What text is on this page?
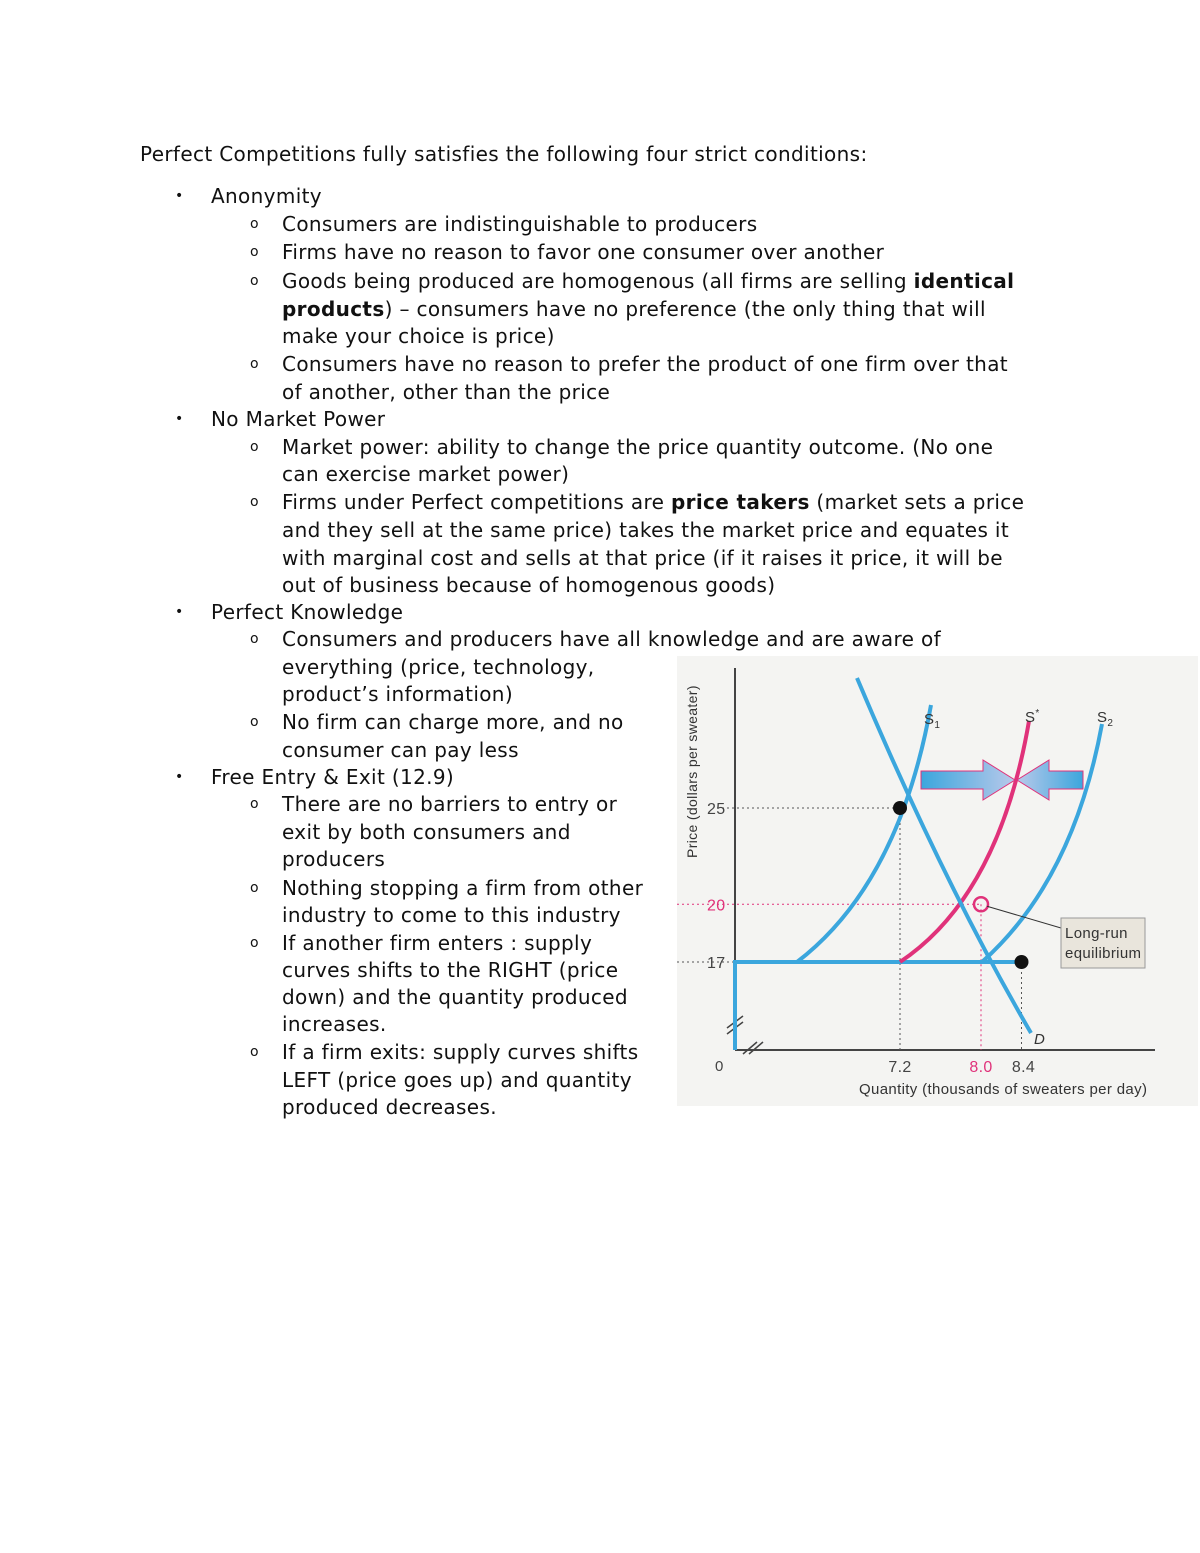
Perfect Competitions fully satisfies the following four strict conditions:
• Anonymity
o Consumers are indistinguishable to producers
o Firms have no reason to favor one consumer over another
o Goods being produced are homogenous (all firms are selling identical
products) – consumers have no preference (the only thing that will
make your choice is price)
o Consumers have no reason to prefer the product of one firm over that
of another, other than the price
• No Market Power
o Market power: ability to change the price quantity outcome. (No one
can exercise market power)
o Firms under Perfect competitions are price takers (market sets a price
and they sell at the same price) takes the market price and equates it
with marginal cost and sells at that price (if it raises it price, it will be
out of business because of homogenous goods)
• Perfect Knowledge
o Consumers and producers have all knowledge and are aware of
everything (price, technology,
product’s information)
o No firm can charge more, and no
consumer can pay less
• Free Entry & Exit (12.9)
o There are no barriers to entry or
exit by both consumers and
producers
o Nothing stopping a firm from other
industry to come to this industry
o If another firm enters : supply
curves shifts to the RIGHT (price
down) and the quantity produced
increases.
o If a firm exits: supply curves shifts
LEFT (price goes up) and quantity
produced decreases.
Long-run
equilibrium
$S_1$	S*	$S_2$
D
25
20
17
0	7.2	8.0 8.4
Quantity (thousands of sweaters per day)
Price (dollars per sweater)
